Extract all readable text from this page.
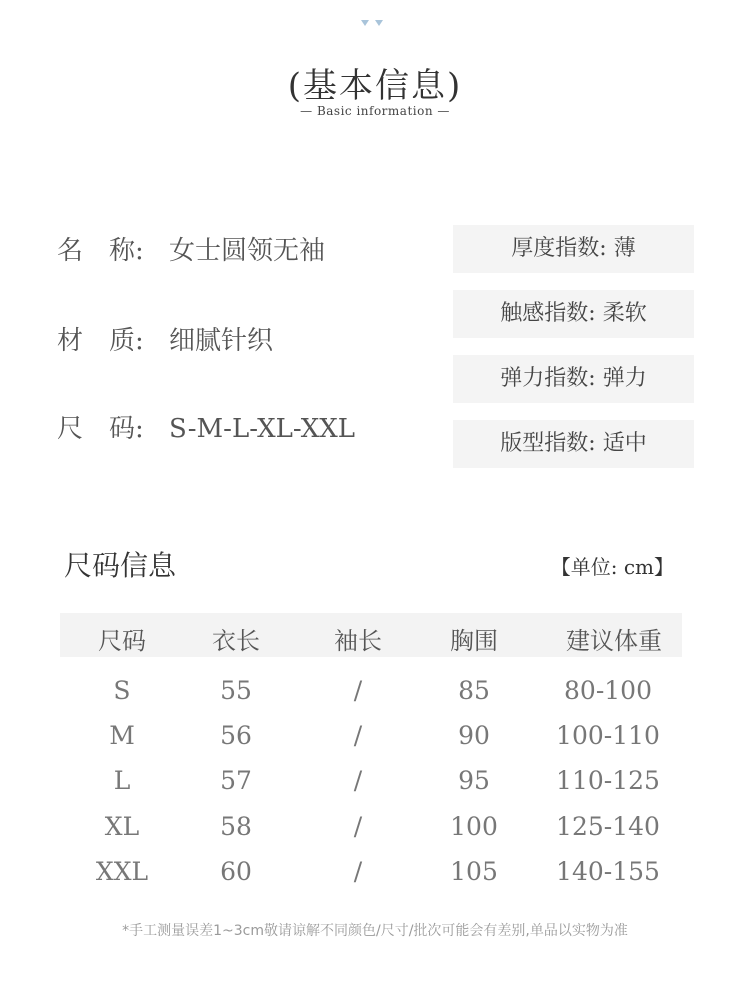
(基本信息)
— Basic information —
名　称: 女士圆领无袖
材　质: 细腻针织
尺　码: S-M-L-XL-XXL
厚度指数: 薄
触感指数: 柔软
弹力指数: 弹力
版型指数: 适中
尺码信息	【单位: cm】
尺码	衣长	袖长	胸围	建议体重
S	55	/	85	80-100
M	56	/	90	100-110
L	57	/	95	110-125
XL	58	/	100 125-140
XXL	60	/	105 140-155
*手工测量误差1~3cm敬请谅解不同颜色/尺寸/批次可能会有差别,单品以实物为准
